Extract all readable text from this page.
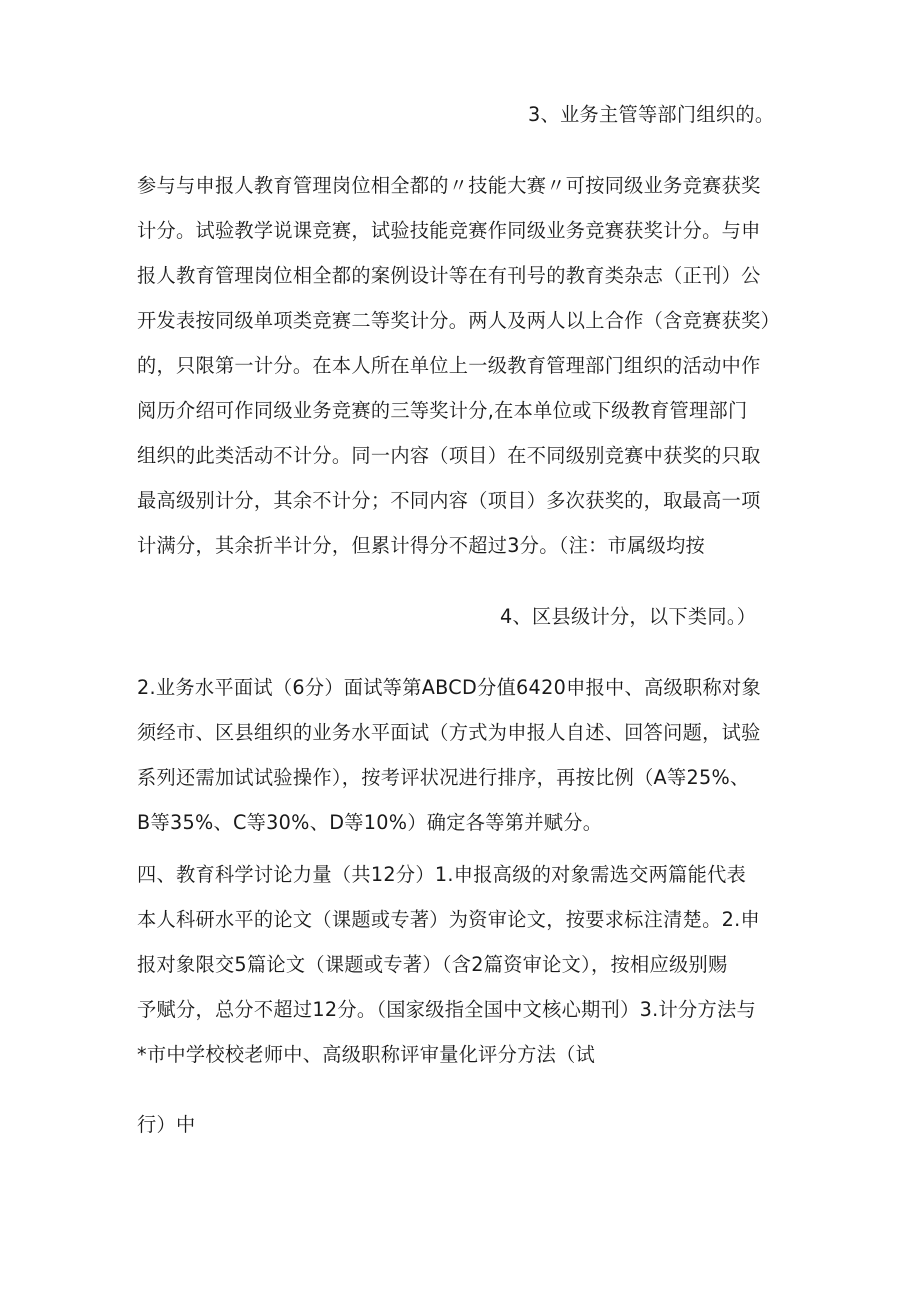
3、业务主管等部门组织的。
参与与申报人教育管理岗位相全都的〃技能大赛〃可按同级业务竞赛获奖
计分。试验教学说课竞赛，试验技能竞赛作同级业务竞赛获奖计分。与申
报人教育管理岗位相全都的案例设计等在有刊号的教育类杂志（正刊）公
开发表按同级单项类竞赛二等奖计分。两人及两人以上合作（含竞赛获奖）
的，只限第一计分。在本人所在单位上一级教育管理部门组织的活动中作
阅历介绍可作同级业务竞赛的三等奖计分,在本单位或下级教育管理部门
组织的此类活动不计分。同一内容（项目）在不同级别竞赛中获奖的只取
最高级别计分，其余不计分；不同内容（项目）多次获奖的，取最高一项
计满分，其余折半计分，但累计得分不超过3分。（注：市属级均按
4、区县级计分，以下类同。）
2.业务水平面试（6分）面试等第ABCD分值6420申报中、高级职称对象
须经市、区县组织的业务水平面试（方式为申报人自述、回答问题，试验
系列还需加试试验操作），按考评状况进行排序，再按比例（A等25%、
B等35%、C等30%、D等10%）确定各等第并赋分。
四、教育科学讨论力量（共12分）1.申报高级的对象需选交两篇能代表
本人科研水平的论文（课题或专著）为资审论文，按要求标注清楚。2.申
报对象限交5篇论文（课题或专著）（含2篇资审论文），按相应级别赐
予赋分，总分不超过12分。（国家级指全国中文核心期刊）3.计分方法与
*市中学校校老师中、高级职称评审量化评分方法（试
行）中
